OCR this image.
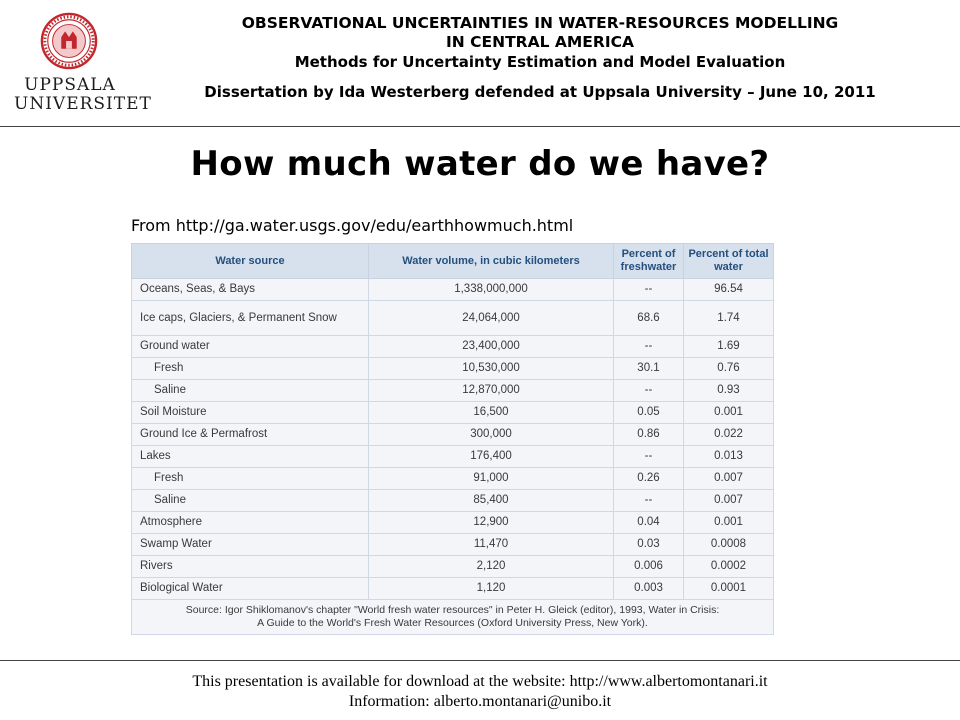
UPPSALA
UNIVERSITET
OBSERVATIONAL UNCERTAINTIES IN WATER-RESOURCES MODELLING
IN CENTRAL AMERICA
Methods for Uncertainty Estimation and Model Evaluation
Dissertation by Ida Westerberg defended at Uppsala University – June 10, 2011
How much water do we have?
From http://ga.water.usgs.gov/edu/earthhowmuch.html
Water source	Water volume, in cubic kilometers	Percent of freshwater	Percent of total water
Oceans, Seas, & Bays	1,338,000,000	--	96.54
Ice caps, Glaciers, & Permanent Snow	24,064,000	68.6	1.74
Ground water	23,400,000	--	1.69
Fresh	10,530,000	30.1	0.76
Saline	12,870,000	--	0.93
Soil Moisture	16,500	0.05	0.001
Ground Ice & Permafrost	300,000	0.86	0.022
Lakes	176,400	--	0.013
Fresh	91,000	0.26	0.007
Saline	85,400	--	0.007
Atmosphere	12,900	0.04	0.001
Swamp Water	11,470	0.03	0.0008
Rivers	2,120	0.006	0.0002
Biological Water	1,120	0.003	0.0001

Source: Igor Shiklomanov's chapter "World fresh water resources" in Peter H. Gleick (editor), 1993, Water in Crisis:
A Guide to the World's Fresh Water Resources (Oxford University Press, New York).			
This presentation is available for download at the website: http://www.albertomontanari.it
Information: alberto.montanari@unibo.it
